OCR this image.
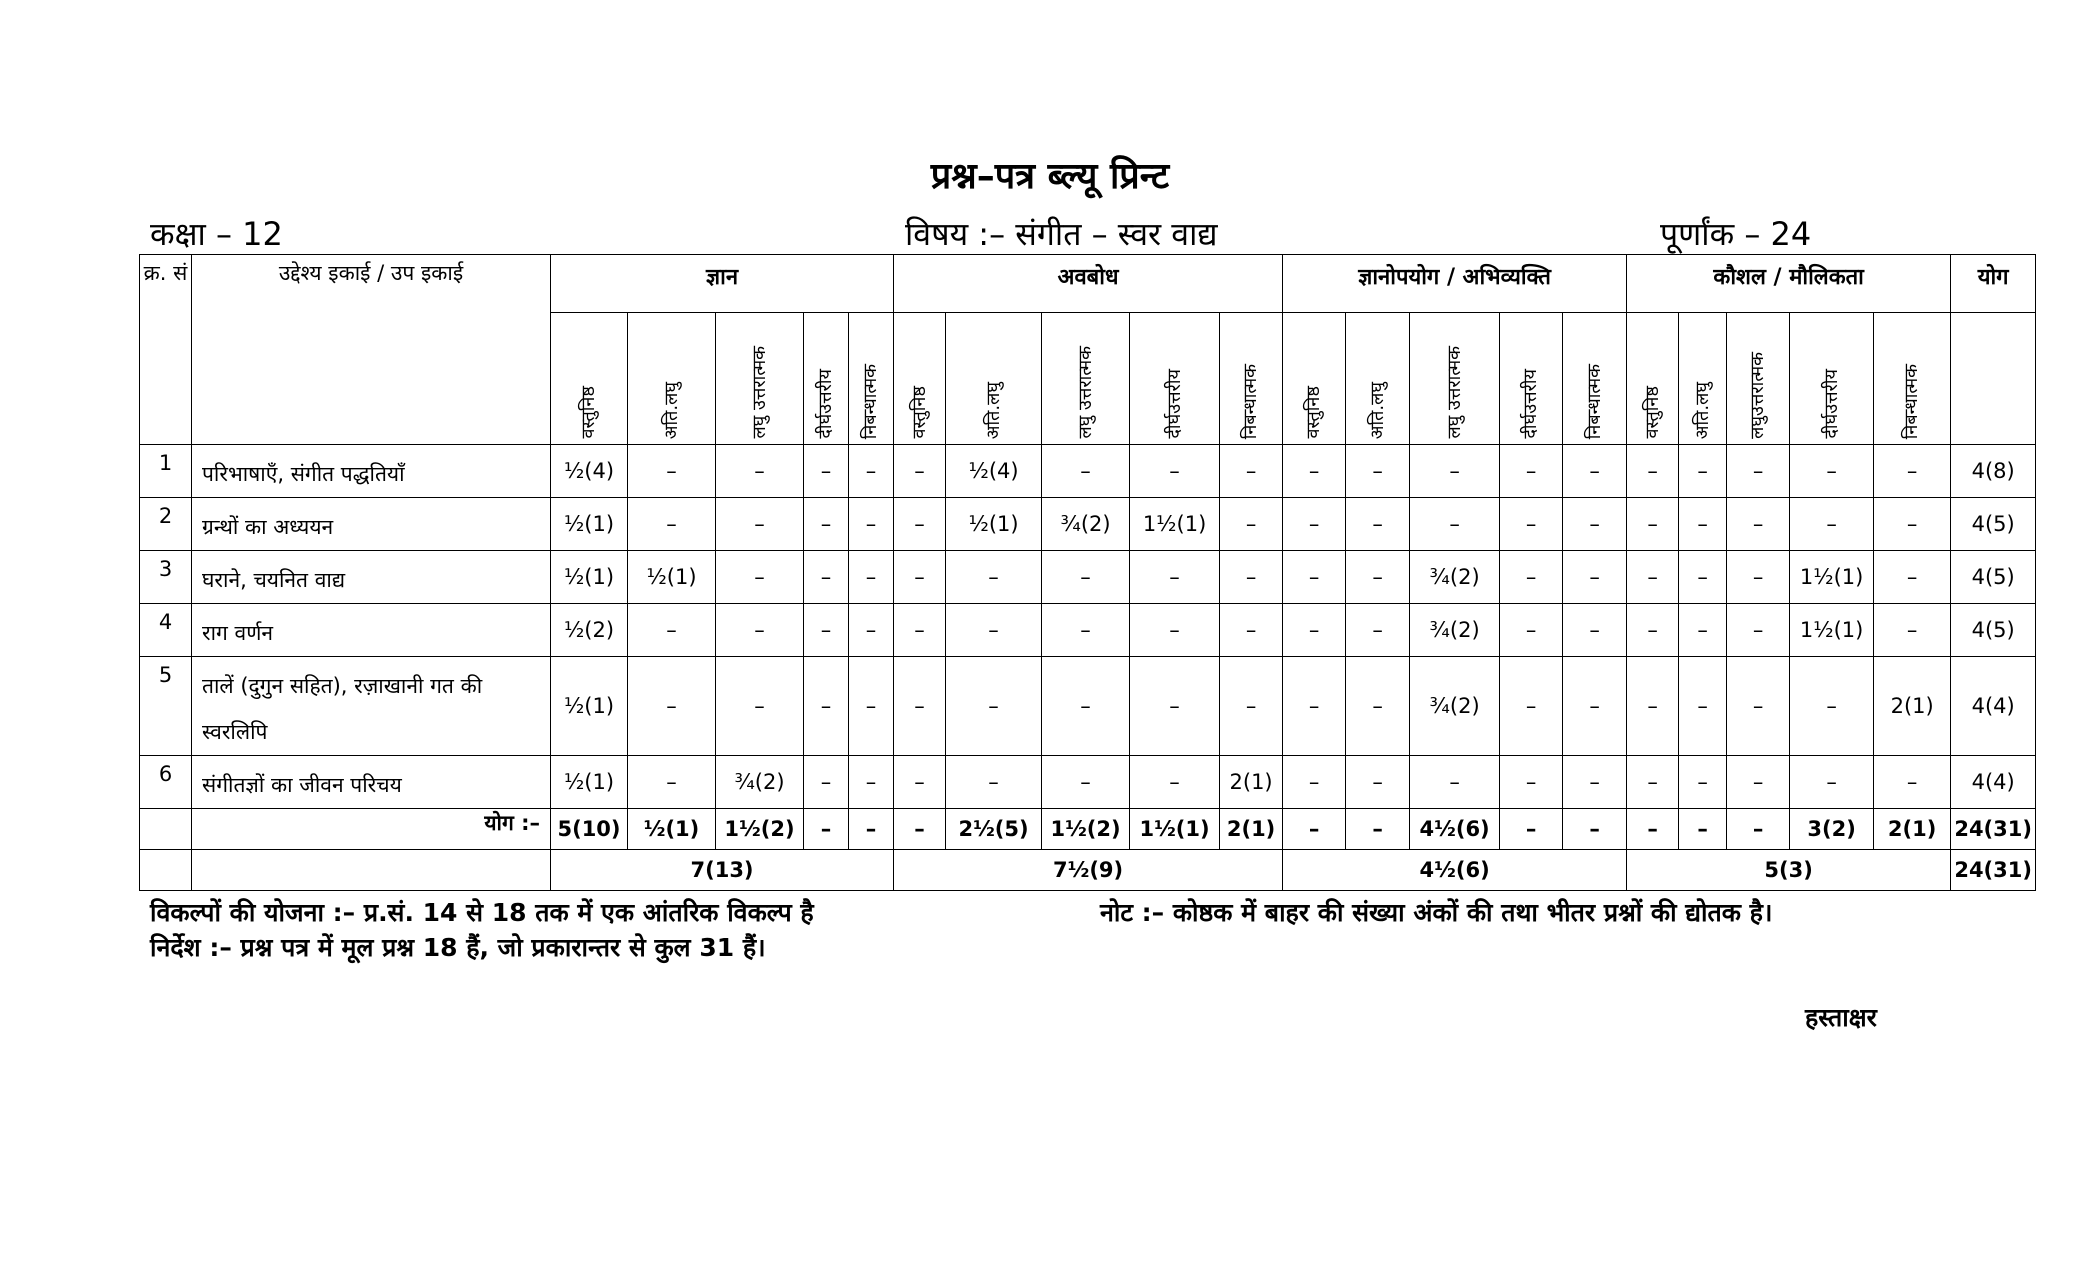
प्रश्न–पत्र ब्ल्यू प्रिन्ट
कक्षा – 12	विषय :– संगीत – स्वर वाद्य	पूर्णांक – 24
क्र. सं	उद्देश्य इकाई / उप इकाई	ज्ञान					अवबोध					ज्ञानोपयोग / अभिव्यक्ति					कौशल / मौलिकता					योग
		वस्तुनिष्ठ	अति.लघु	लघु उत्तरात्मक	दीर्घउत्तरीय	निबन्धात्मक	वस्तुनिष्ठ	अति.लघु	लघु उत्तरात्मक	दीर्घउत्तरीय	निबन्धात्मक	वस्तुनिष्ठ	अति.लघु	लघु उत्तरात्मक	दीर्घउत्तरीय	निबन्धात्मक	वस्तुनिष्ठ	अति.लघु	लघुउत्तरात्मक	दीर्घउत्तरीय	निबन्धात्मक	
1	परिभाषाएँ, संगीत पद्धतियाँ	½(4)	–	–	–	–	–	½(4)	–	–	–	–	–	–	–	–	–	–	–	–	–	4(8)
2	ग्रन्थों का अध्ययन	½(1)	–	–	–	–	–	½(1)	¾(2)	1½(1)	–	–	–	–	–	–	–	–	–	–	–	4(5)
3	घराने, चयनित वाद्य	½(1)	½(1)	–	–	–	–	–	–	–	–	–	–	¾(2)	–	–	–	–	–	1½(1)	–	4(5)
4	राग वर्णन	½(2)	–	–	–	–	–	–	–	–	–	–	–	¾(2)	–	–	–	–	–	1½(1)	–	4(5)
5	तालें (दुगुन सहित), रज़ाखानी गत की स्वरलिपि	½(1)	–	–	–	–	–	–	–	–	–	–	–	¾(2)	–	–	–	–	–	–	2(1)	4(4)
6	संगीतज्ञों का जीवन परिचय	½(1)	–	¾(2)	–	–	–	–	–	–	2(1)	–	–	–	–	–	–	–	–	–	–	4(4)
	योग :–	5(10)	½(1)	1½(2)	–	–	–	2½(5)	1½(2)	1½(1)	2(1)	–	–	4½(6)	–	–	–	–	–	3(2)	2(1)	24(31)
		7(13)					7½(9)					4½(6)					5(3)					24(31)
विकल्पों की योजना :– प्र.सं. 14 से 18 तक में एक आंतरिक विकल्प है
निर्देश :– प्रश्न पत्र में मूल प्रश्न 18 हैं, जो प्रकारान्तर से कुल 31 हैं।
नोट :– कोष्ठक में बाहर की संख्या अंकों की तथा भीतर प्रश्नों की द्योतक है।
हस्ताक्षर
